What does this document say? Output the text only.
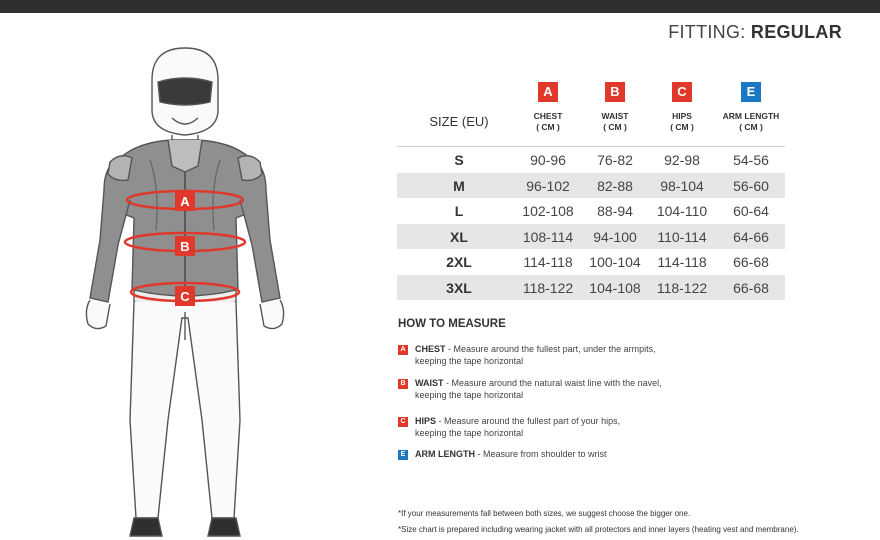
FITTING: REGULAR
A
B
C
SIZE (EU)
A
CHEST
( CM )
B
WAIST
( CM )
C
HIPS
( CM )
E
ARM LENGTH
( CM )
S	90-96	76-82	92-98	54-56
M	96-102	82-88	98-104	56-60
L	102-108	88-94	104-110	60-64
XL	108-114	94-100	110-114	64-66
2XL	114-118	100-104	114-118	66-68
3XL	118-122	104-108	118-122	66-68
HOW TO MEASURE
A CHEST - Measure around the fullest part, under the armpits,
keeping the tape horizontal
B WAIST - Measure around the natural waist line with the navel,
keeping the tape horizontal
C HIPS - Measure around the fullest part of your hips,
keeping the tape horizontal
E ARM LENGTH - Measure from shoulder to wrist
*If your measurements fall between both sizes, we suggest choose the bigger one.
*Size chart is prepared including wearing jacket with all protectors and inner layers (heating vest and membrane).
